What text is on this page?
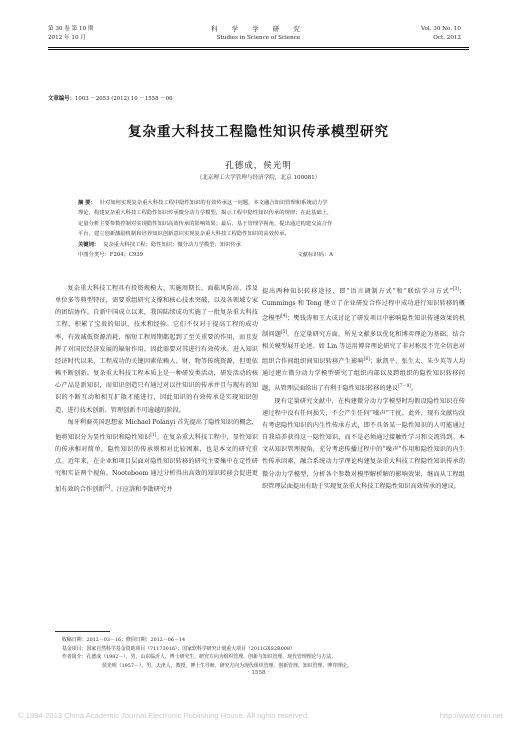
第 30 卷 第 10 期
2012 年 10 月
科 学 学 研 究
Studies in Science of Science
Vol. 30 No. 10
Oct. 2012
文章编号：1003 －2053 (2012) 10 －1558 －06
复杂重大科技工程隐性知识传承模型研究
孔德成，侯光明
（北京理工大学管理与经济学院，北京 100081）
摘 要： 针对如何实现复杂重大科技工程中隐性知识的有效传承这一问题，本文融合知识管理和系统动力学
理论，构建复杂重大科技工程隐性知识传承微分动力学模型，揭示工程中隐性知识传承的规律；在此基础上，
定量分析主要参数控制对实现隐性知识高效传承的影响效果；最后，基于管理学视角，提出通过构建交流合作
平台、建立创新激励机制和培养知识创新意识实现复杂重大科技工程隐性知识的高效传承。
关键词： 复杂重大科技工程；隐性知识；微分动力学模型；知识传承
中图分类号：F204；C939	文献标识码：A

复杂重大科技工程具有投资规模大、实施周期长、面临风险高、涉及单位多等典型特征，需要重组研究支撑和核心技术突破，以及各领域专家的团结协作。自新中国成立以来，我国陆续成功实施了一批复杂重大科技工程，积累了宝贵的知识、技术和经验。它们不仅对于提高工程的成功率，有效减低资源消耗，缩短工程周期都起到了至关重要的作用，而且发挥了对国民经济发展的辐射作用，因此需要对其进行有效传承。进入知识经济时代以来，工程成功的关键因素依赖人、财、物等传统资源，但更依赖不断创新。复杂重大科技工程本质上是一种研发类活动，研发活动的核心产品是新知识，而知识创造只有通过对以往知识的传承并且与现有的知识的不断互动和相互扩散才能进行，因此知识的有效传承是实现知识创造、进行技术创新、管理创新不可逾越的阶段。

匈牙利裔英国思想家 Michael Polanyi 首先提出了隐性知识的概念，他将知识分为显性知识和隐性知识[1]。在复杂重大科技工程中，显性知识的传承相对简单，隐性知识的传承则相对比较困难，也是本文的研究重点。近年来，在企业和项目层面对隐性知识转移的研究主要集中在定性研究和实证两个视角。Nooteboom 通过分析得出高效的知识转移会促进更加有效的合作创新[2]。汪应洛和李勖研究并

提出两种知识转移途径，即“语言调制方式”和“联结学习方式”[3]；Cummings 和 Teng 建立了企业研发合作过程中成功进行知识转移的概念模型[4]；樊钱涛和王大成讨论了研发项目中影响隐性知识传递效果的机制问题[5]。在定量研究方面，所见文献多以优化和博弈理论为基础，结合相关模型展开论述。如 Lin 等运用博弈理论研究了非对称及不完全信息对组织合作间组织间知识转移产生影响[6]；耿凯平、张生太、朱少英等人均通过建立微分动力学模型研究了组织内部以及跨组织的隐性知识转移问题，从管理层面给出了有利于隐性知识转移的建议[7－9]。

现有定量研究文献中，在构建微分动力学模型时均假设隐性知识在传递过程中没有任何损失，不会产生任何“噪声”干扰。此外，现有文献均没有考虑隐性知识的内生性传承方式，即不具备某一隐性知识的人可能通过自我培养获得这一隐性知识，而不是必须通过接触性学习和交流得到。本文从知识管理视角，充分考虑传播过程中的“噪声”作用和隐性知识的内生性传承因素，融合系统动力学理论构建复杂重大科技工程隐性知识传承的微分动力学模型，分析各个参数对模型解析解的影响效果，继而从工程组织管理层面提出有助于实现复杂重大科技工程隐性知识高效传承的建议。

收稿日期：2012－03－16；修回日期：2012－06－14
基金项目：国家自然科学基金资助项目（71173016）；国家软科学研究计划重大项目（2011GXS2B008）
作者简介：孔德成（1982－），男，山东临沂人，博士研究生，研究方向为组织管理、创新与知识管理、现代管理理论与方法。
侯光明（1957－），男，天津人，教授，博士生导师，研究方向为现代组织管理、创新管理、知识管理、博弈理论。
· 1558 ·
© 1994-2013 China Academic Journal Electronic Publishing House. All rights reserved.	http://www.cnki.net
